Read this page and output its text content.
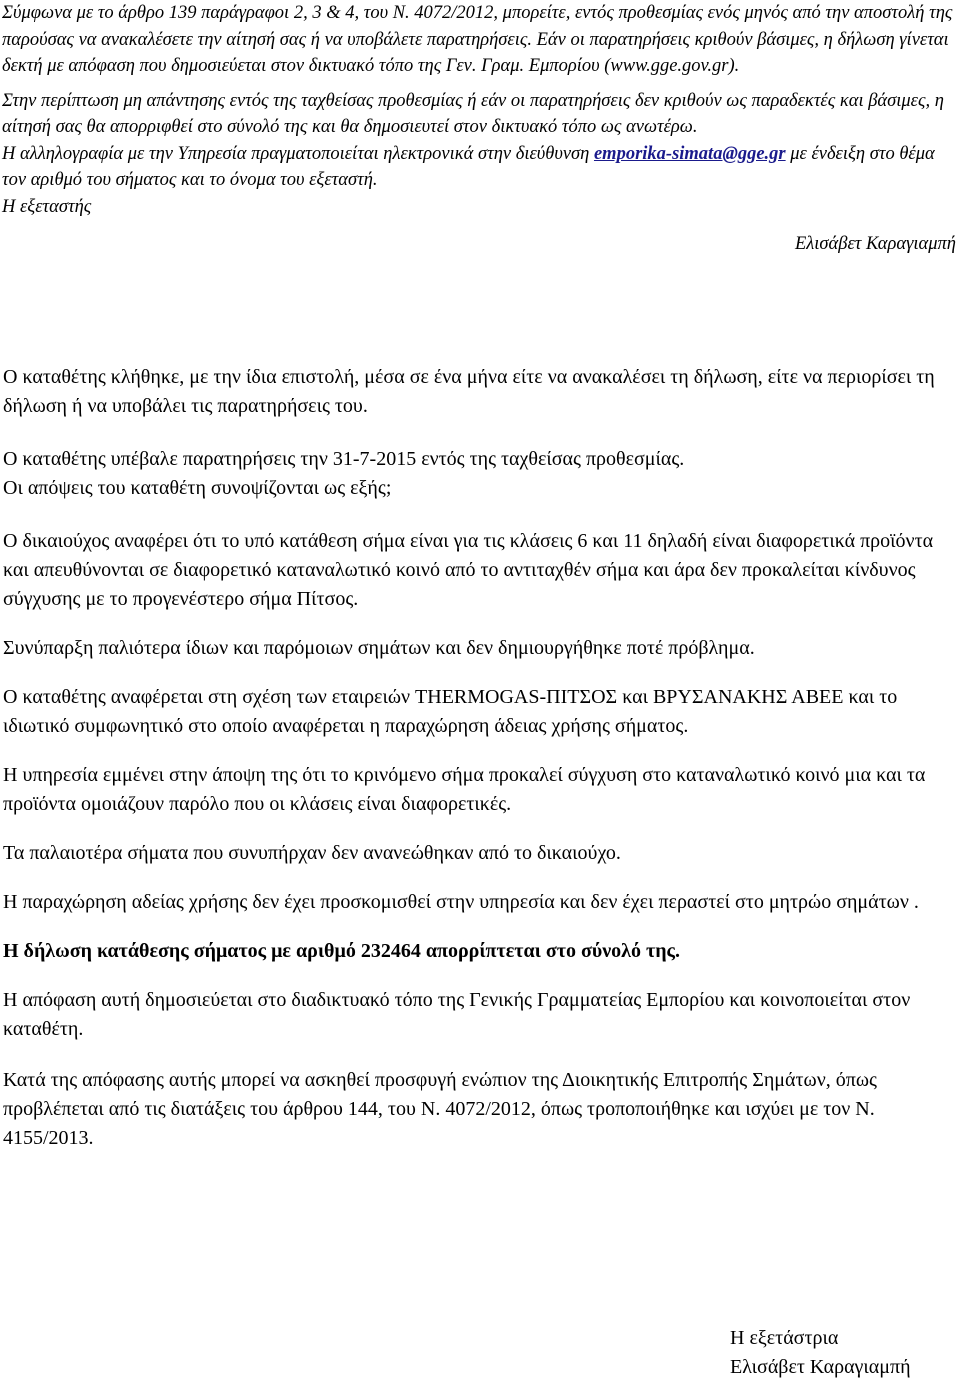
Σύμφωνα με το άρθρο 139 παράγραφοι 2, 3 & 4, του Ν. 4072/2012, μπορείτε, εντός προθεσμίας ενός μηνός από την αποστολή της παρούσας να ανακαλέσετε την αίτησή σας ή να υποβάλετε παρατηρήσεις. Εάν οι παρατηρήσεις κριθούν βάσιμες, η δήλωση γίνεται δεκτή με απόφαση που δημοσιεύεται στον δικτυακό τόπο της Γεν. Γραμ. Εμπορίου (www.gge.gov.gr).

Στην περίπτωση μη απάντησης εντός της ταχθείσας προθεσμίας ή εάν οι παρατηρήσεις δεν κριθούν ως παραδεκτές και βάσιμες, η αίτησή σας θα απορριφθεί στο σύνολό της και θα δημοσιευτεί στον δικτυακό τόπο ως ανωτέρω.

Η αλληλογραφία με την Υπηρεσία πραγματοποιείται ηλεκτρονικά στην διεύθυνση emporika-simata@gge.gr με ένδειξη στο θέμα τον αριθμό του σήματος και το όνομα του εξεταστή.

Η εξεταστής

Ελισάβετ Καραγιαμπή

Ο καταθέτης κλήθηκε, με την ίδια επιστολή, μέσα σε ένα μήνα είτε να ανακαλέσει τη δήλωση, είτε να περιορίσει τη δήλωση ή να υποβάλει τις παρατηρήσεις του.

Ο καταθέτης υπέβαλε παρατηρήσεις την 31-7-2015 εντός της ταχθείσας προθεσμίας.

Οι απόψεις του καταθέτη συνοψίζονται ως εξής;

Ο δικαιούχος αναφέρει ότι το υπό κατάθεση σήμα είναι για τις κλάσεις 6 και 11 δηλαδή είναι διαφορετικά προϊόντα και απευθύνονται σε διαφορετικό καταναλωτικό κοινό από το αντιταχθέν σήμα και άρα δεν προκαλείται κίνδυνος σύγχυσης με το προγενέστερο σήμα Πίτσος.

Συνύπαρξη παλιότερα ίδιων και παρόμοιων σημάτων και δεν δημιουργήθηκε ποτέ πρόβλημα.

Ο καταθέτης αναφέρεται στη σχέση των εταιρειών THERMOGAS-ΠΙΤΣΟΣ και ΒΡΥΣΑΝΑΚΗΣ ΑΒΕΕ και το ιδιωτικό συμφωνητικό στο οποίο αναφέρεται η παραχώρηση άδειας χρήσης σήματος.

Η υπηρεσία εμμένει στην άποψη της ότι το κρινόμενο σήμα προκαλεί σύγχυση στο καταναλωτικό κοινό μια και τα προϊόντα ομοιάζουν παρόλο που οι κλάσεις είναι διαφορετικές.

Τα παλαιοτέρα σήματα που συνυπήρχαν δεν ανανεώθηκαν από το δικαιούχο.

Η παραχώρηση αδείας χρήσης δεν έχει προσκομισθεί στην υπηρεσία και δεν έχει περαστεί στο μητρώο σημάτων .

Η δήλωση κατάθεσης σήματος με αριθμό 232464 απορρίπτεται στο σύνολό της.

Η απόφαση αυτή δημοσιεύεται στο διαδικτυακό τόπο της Γενικής Γραμματείας Εμπορίου και κοινοποιείται στον καταθέτη.

Κατά της απόφασης αυτής μπορεί να ασκηθεί προσφυγή ενώπιον της Διοικητικής Επιτροπής Σημάτων, όπως προβλέπεται από τις διατάξεις του άρθρου 144, του Ν. 4072/2012, όπως τροποποιήθηκε και ισχύει με τον Ν. 4155/2013.

Η εξετάστρια
Ελισάβετ Καραγιαμπή
